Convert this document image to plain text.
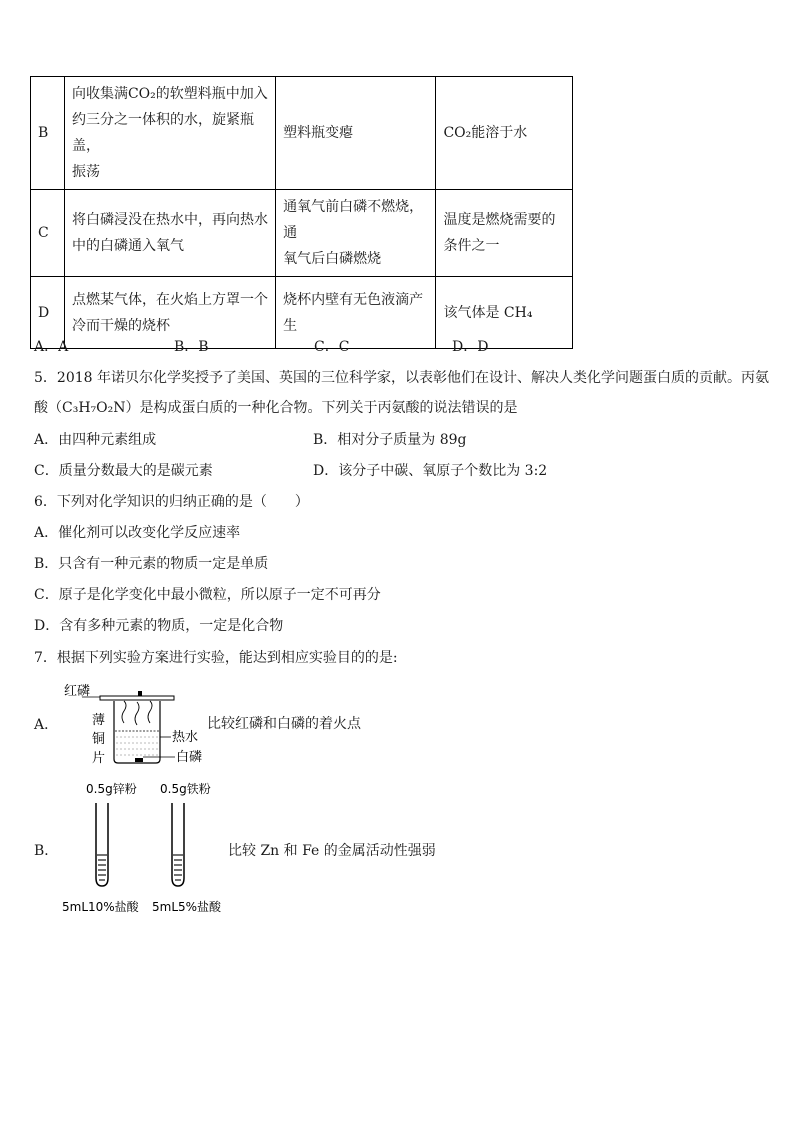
B	向收集满CO₂的软塑料瓶中加入
约三分之一体积的水，旋紧瓶盖，
振荡	塑料瓶变瘪	CO₂能溶于水

C	将白磷浸没在热水中，再向热水
中的白磷通入氧气	通氧气前白磷不燃烧，通
氧气后白磷燃烧	温度是燃烧需要的
条件之一

D	点燃某气体，在火焰上方罩一个
冷而干燥的烧杯	烧杯内壁有无色液滴产
生	该气体是 CH₄
A．A	B．B	C．C	D．D
5．2018 年诺贝尔化学奖授予了美国、英国的三位科学家，以表彰他们在设计、解决人类化学问题蛋白质的贡献。丙氨
酸（C₃H₇O₂N）是构成蛋白质的一种化合物。下列关于丙氨酸的说法错误的是
A．由四种元素组成	B．相对分子质量为 89g
C．质量分数最大的是碳元素	D．该分子中碳、氧原子个数比为 3:2
6．下列对化学知识的归纳正确的是（　　）
A．催化剂可以改变化学反应速率
B．只含有一种元素的物质一定是单质
C．原子是化学变化中最小微粒，所以原子一定不可再分
D．含有多种元素的物质，一定是化合物
7．根据下列实验方案进行实验，能达到相应实验目的的是:
A．
红磷
薄
铜
片
热水
白磷
比较红磷和白磷的着火点
B．
0.5g锌粉 0.5g铁粉
5mL10%盐酸 5mL5%盐酸
比较 Zn 和 Fe 的金属活动性强弱
